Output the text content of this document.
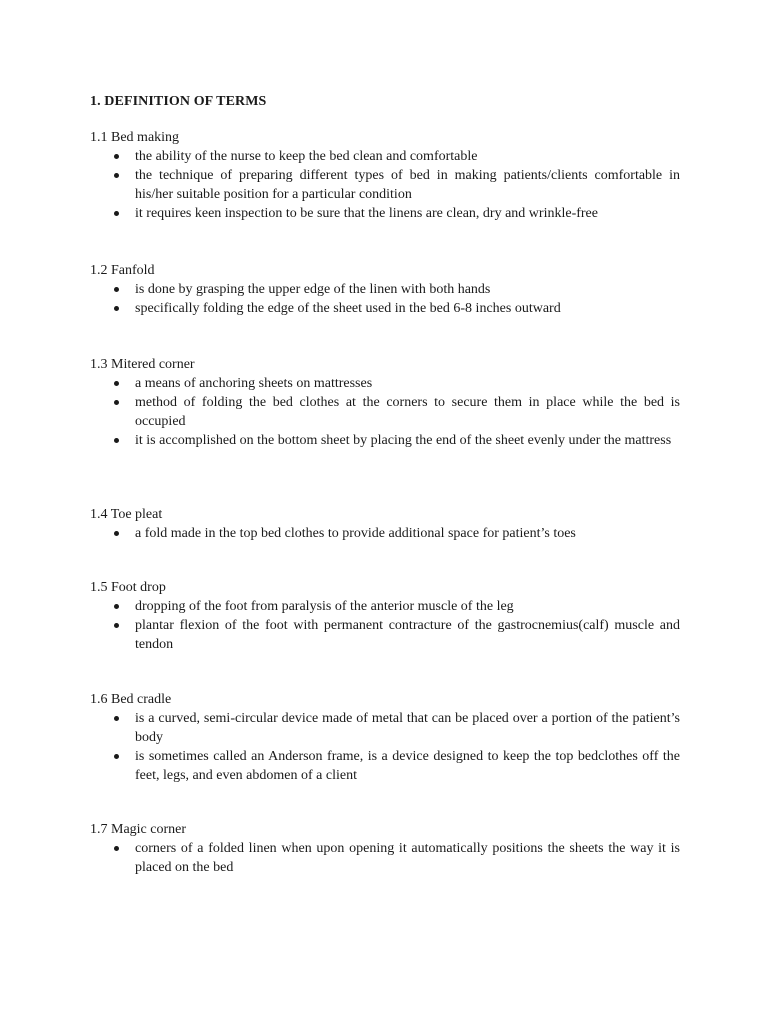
1. DEFINITION OF TERMS

1.1 Bed making

the ability of the nurse to keep the bed clean and comfortable
the technique of preparing different types of bed in making patients/clients comfortable in his/her suitable position for a particular condition
it requires keen inspection to be sure that the linens are clean, dry and wrinkle-free

1.2 Fanfold

is done by grasping the upper edge of the linen with both hands
specifically folding the edge of the sheet used in the bed 6-8 inches outward

1.3 Mitered corner

a means of anchoring sheets on mattresses
method of folding the bed clothes at the corners to secure them in place while the bed is occupied
it is accomplished on the bottom sheet by placing the end of the sheet evenly under the mattress

1.4 Toe pleat

a fold made in the top bed clothes to provide additional space for patient’s toes

1.5 Foot drop

dropping of the foot from paralysis of the anterior muscle of the leg
plantar flexion of the foot with permanent contracture of the gastrocnemius(calf) muscle and tendon

1.6 Bed cradle

is a curved, semi-circular device made of metal that can be placed over a portion of the patient’s body
is sometimes called an Anderson frame, is a device designed to keep the top bedclothes off the feet, legs, and even abdomen of a client

1.7 Magic corner

corners of a folded linen when upon opening it automatically positions the sheets the way it is placed on the bed
